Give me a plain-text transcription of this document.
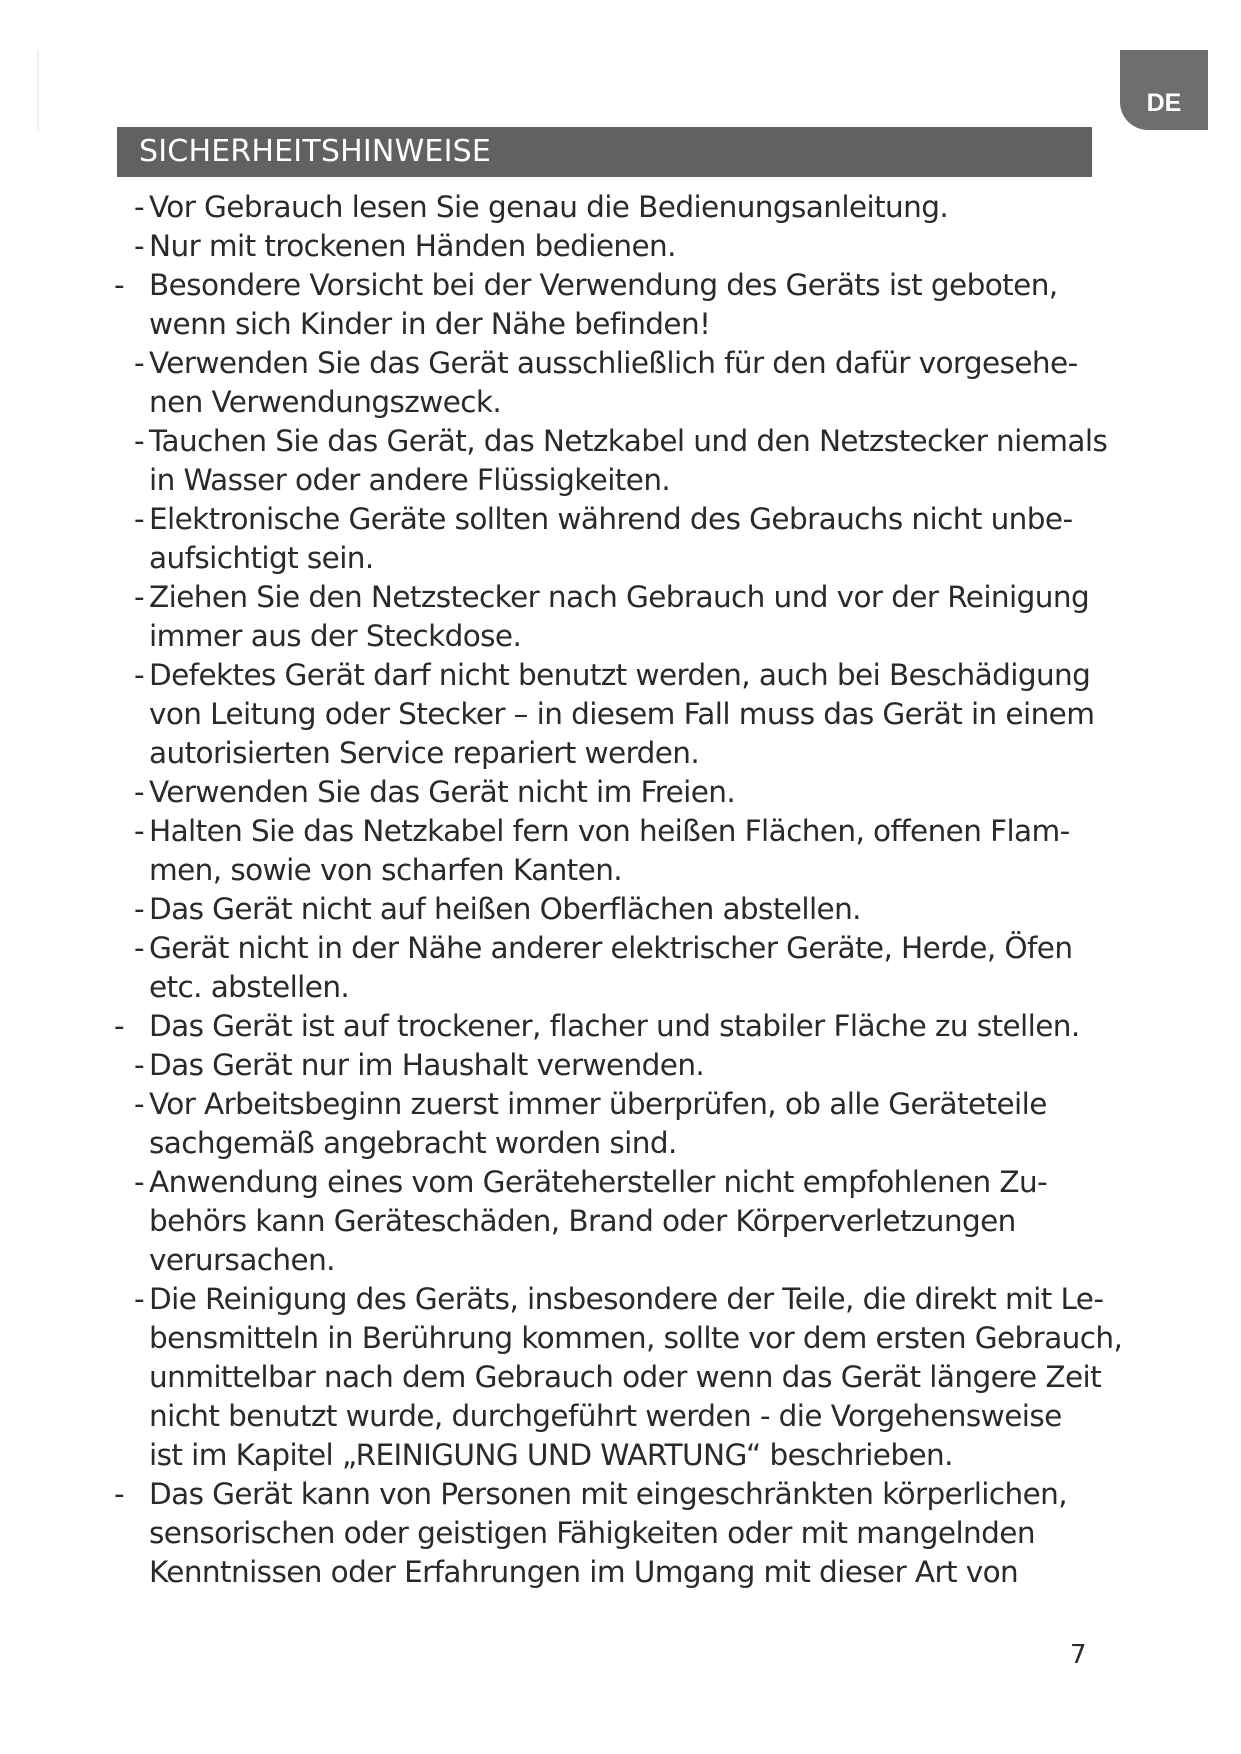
DE
SICHERHEITSHINWEISE
- Vor Gebrauch lesen Sie genau die Bedienungsanleitung.
- Nur mit trockenen Händen bedienen.
- Besondere Vorsicht bei der Verwendung des Geräts ist geboten,
wenn sich Kinder in der Nähe befinden!
- Verwenden Sie das Gerät ausschließlich für den dafür vorgesehe-
nen Verwendungszweck.
- Tauchen Sie das Gerät, das Netzkabel und den Netzstecker niemals
in Wasser oder andere Flüssigkeiten.
- Elektronische Geräte sollten während des Gebrauchs nicht unbe-
aufsichtigt sein.
- Ziehen Sie den Netzstecker nach Gebrauch und vor der Reinigung
immer aus der Steckdose.
- Defektes Gerät darf nicht benutzt werden, auch bei Beschädigung
von Leitung oder Stecker – in diesem Fall muss das Gerät in einem
autorisierten Service repariert werden.
- Verwenden Sie das Gerät nicht im Freien.
- Halten Sie das Netzkabel fern von heißen Flächen, offenen Flam-
men, sowie von scharfen Kanten.
- Das Gerät nicht auf heißen Oberflächen abstellen.
- Gerät nicht in der Nähe anderer elektrischer Geräte, Herde, Öfen
etc. abstellen.
- Das Gerät ist auf trockener, flacher und stabiler Fläche zu stellen.
- Das Gerät nur im Haushalt verwenden.
- Vor Arbeitsbeginn zuerst immer überprüfen, ob alle Geräteteile
sachgemäß angebracht worden sind.
- Anwendung eines vom Gerätehersteller nicht empfohlenen Zu-
behörs kann Geräteschäden, Brand oder Körperverletzungen
verursachen.
- Die Reinigung des Geräts, insbesondere der Teile, die direkt mit Le-
bensmitteln in Berührung kommen, sollte vor dem ersten Gebrauch,
unmittelbar nach dem Gebrauch oder wenn das Gerät längere Zeit
nicht benutzt wurde, durchgeführt werden - die Vorgehensweise
ist im Kapitel „REINIGUNG UND WARTUNG“ beschrieben.
- Das Gerät kann von Personen mit eingeschränkten körperlichen,
sensorischen oder geistigen Fähigkeiten oder mit mangelnden
Kenntnissen oder Erfahrungen im Umgang mit dieser Art von
7
